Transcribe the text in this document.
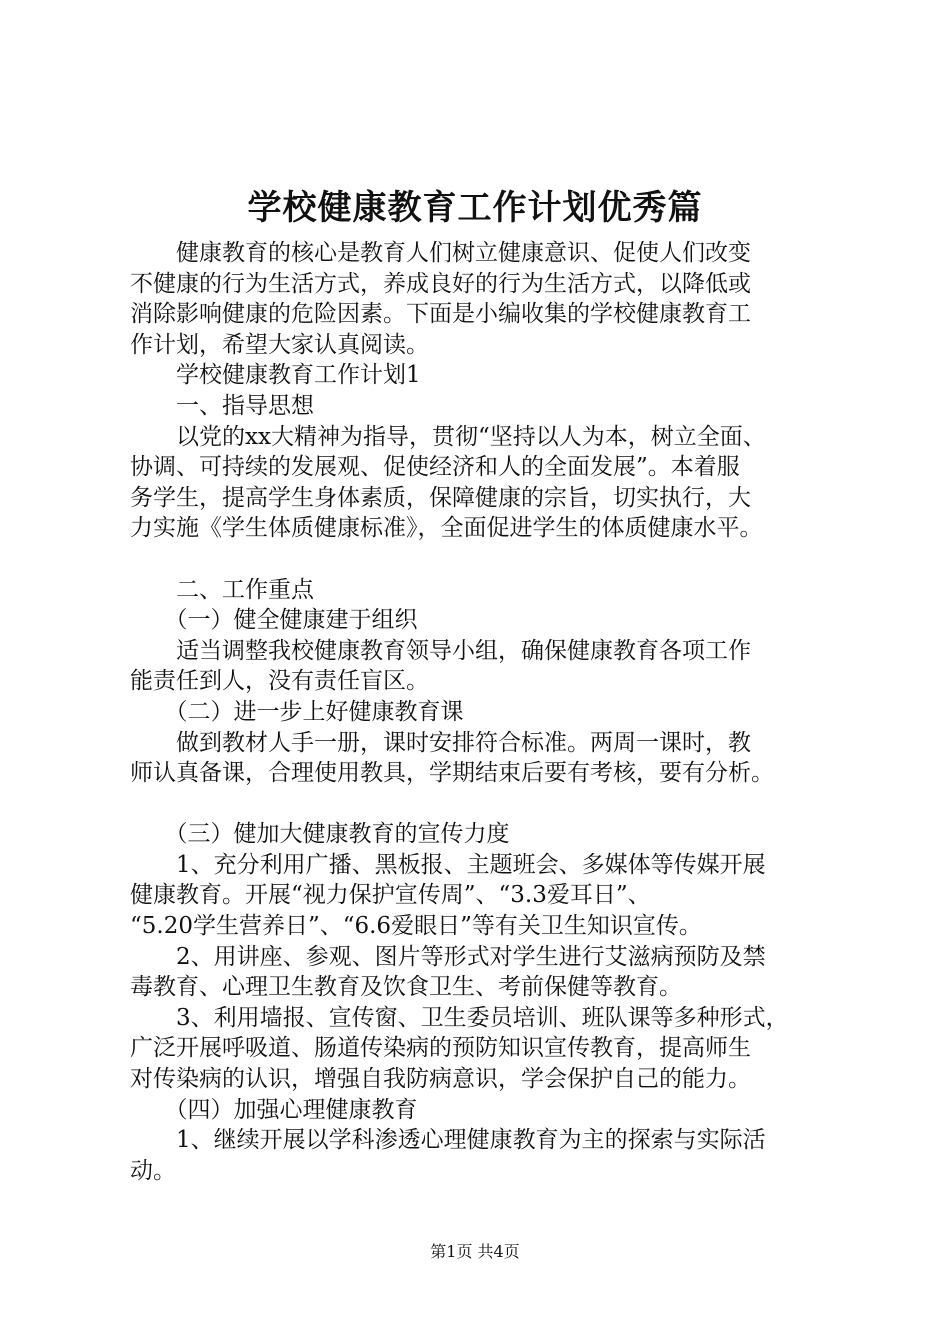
学校健康教育工作计划优秀篇
　　健康教育的核心是教育人们树立健康意识、促使人们改变
不健康的行为生活方式，养成良好的行为生活方式，以降低或
消除影响健康的危险因素。下面是小编收集的学校健康教育工
作计划，希望大家认真阅读。
　　学校健康教育工作计划1
　　一、指导思想
　　以党的xx大精神为指导，贯彻“坚持以人为本，树立全面、
协调、可持续的发展观、促使经济和人的全面发展”。本着服
务学生，提高学生身体素质，保障健康的宗旨，切实执行，大
力实施《学生体质健康标准》，全面促进学生的体质健康水平。
　　二、工作重点
　　（一）健全健康建于组织
　　适当调整我校健康教育领导小组，确保健康教育各项工作
能责任到人，没有责任盲区。
　　（二）进一步上好健康教育课
　　做到教材人手一册，课时安排符合标准。两周一课时，教
师认真备课，合理使用教具，学期结束后要有考核，要有分析。
　　（三）健加大健康教育的宣传力度
　　1、充分利用广播、黑板报、主题班会、多媒体等传媒开展
健康教育。开展“视力保护宣传周”、“3.3爱耳日”、
“5.20学生营养日”、“6.6爱眼日”等有关卫生知识宣传。
　　2、用讲座、参观、图片等形式对学生进行艾滋病预防及禁
毒教育、心理卫生教育及饮食卫生、考前保健等教育。
　　3、利用墙报、宣传窗、卫生委员培训、班队课等多种形式，
广泛开展呼吸道、肠道传染病的预防知识宣传教育，提高师生
对传染病的认识，增强自我防病意识，学会保护自己的能力。
　　（四）加强心理健康教育
　　1、继续开展以学科渗透心理健康教育为主的探索与实际活
动。
第1页 共4页
